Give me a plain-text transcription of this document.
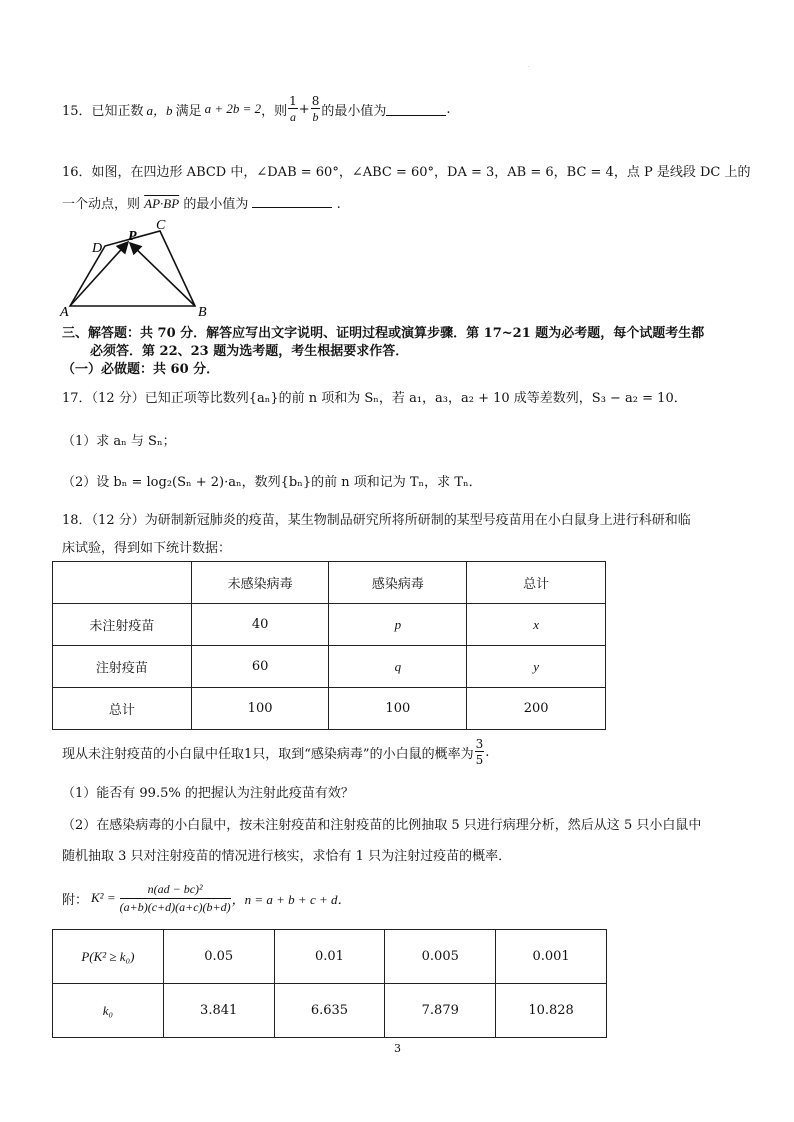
.
15．已知正数 a，b 满足 a + 2b = 2 ，则 $\frac{1}{a} + \frac{8}{b}$ 的最小值为	.
16．如图，在四边形 ABCD 中，∠DAB = 60°，∠ABC = 60°，DA = 3，AB = 6，BC = 4，点 P 是线段 DC 上的
一个动点，则 AP·BP 的最小值为	.
A	B
C
D
P
三、解答题：共 70 分．解答应写出文字说明、证明过程或演算步骤．第 17~21 题为必考题，每个试题考生都
必须答．第 22、23 题为选考题，考生根据要求作答．
（一）必做题：共 60 分．
17．（12 分）已知正项等比数列{aₙ}的前 n 项和为 Sₙ，若 a₁，a₃，a₂ + 10 成等差数列，S₃ − a₂ = 10．
（1）求 aₙ 与 Sₙ；
（2）设 bₙ = log₂(Sₙ + 2)·aₙ，数列{bₙ}的前 n 项和记为 Tₙ，求 Tₙ．
18．（12 分）为研制新冠肺炎的疫苗，某生物制品研究所将所研制的某型号疫苗用在小白鼠身上进行科研和临
床试验，得到如下统计数据：
	未感染病毒	感染病毒	总计
未注射疫苗	40	p	x
注射疫苗	60	q	y
总计	100	100	200
现从未注射疫苗的小白鼠中任取1只，取到“感染病毒”的小白鼠的概率为 $\frac{3}{5}$ .
（1）能否有 99.5% 的把握认为注射此疫苗有效？
（2）在感染病毒的小白鼠中，按未注射疫苗和注射疫苗的比例抽取 5 只进行病理分析，然后从这 5 只小白鼠中
随机抽取 3 只对注射疫苗的情况进行核实，求恰有 1 只为注射过疫苗的概率．
附： $K^2 = \frac{\text{n(ad − bc)²}}{(a+b)(c+d)(a+c)(b+d)}$ ，n = a + b + c + d．
P(K² ≥ k₀)	0.05	0.01	0.005	0.001
k₀	3.841	6.635	7.879	10.828
3
